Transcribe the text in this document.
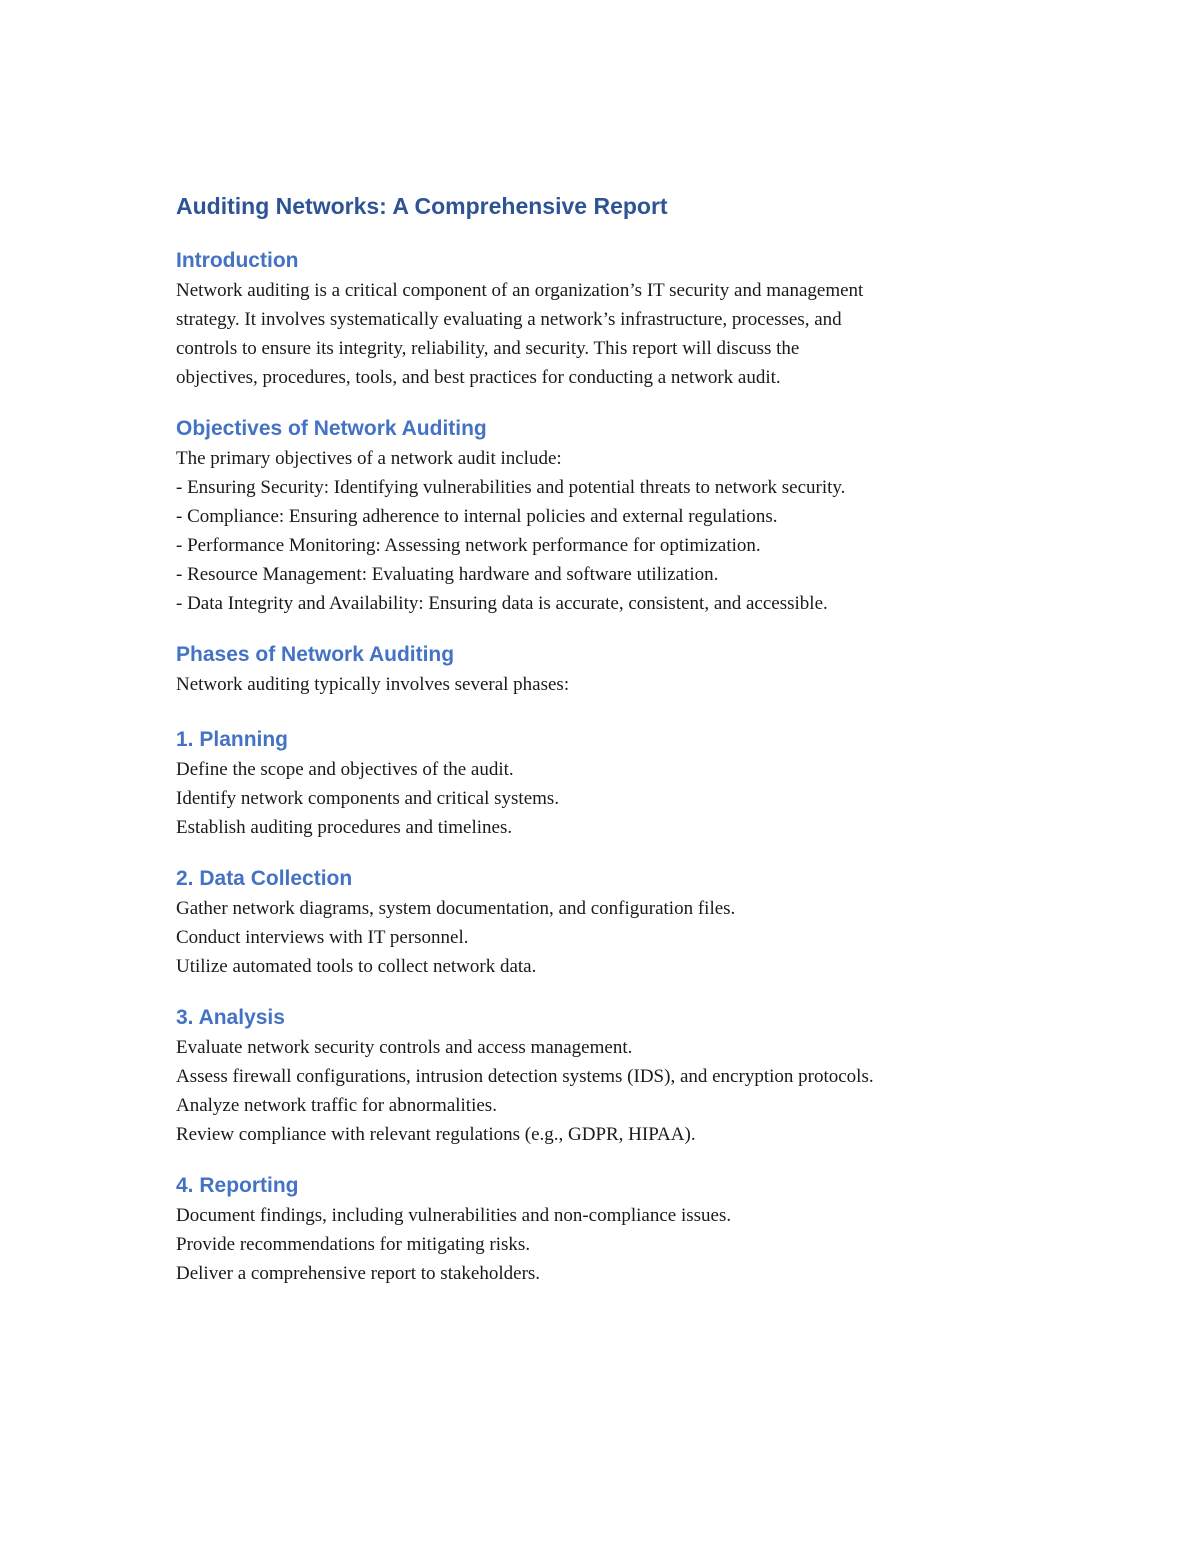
Auditing Networks: A Comprehensive Report
Introduction
Network auditing is a critical component of an organization’s IT security and management
strategy. It involves systematically evaluating a network’s infrastructure, processes, and
controls to ensure its integrity, reliability, and security. This report will discuss the
objectives, procedures, tools, and best practices for conducting a network audit.
Objectives of Network Auditing
The primary objectives of a network audit include:
- Ensuring Security: Identifying vulnerabilities and potential threats to network security.
- Compliance: Ensuring adherence to internal policies and external regulations.
- Performance Monitoring: Assessing network performance for optimization.
- Resource Management: Evaluating hardware and software utilization.
- Data Integrity and Availability: Ensuring data is accurate, consistent, and accessible.
Phases of Network Auditing
Network auditing typically involves several phases:
1. Planning
Define the scope and objectives of the audit.
Identify network components and critical systems.
Establish auditing procedures and timelines.
2. Data Collection
Gather network diagrams, system documentation, and configuration files.
Conduct interviews with IT personnel.
Utilize automated tools to collect network data.
3. Analysis
Evaluate network security controls and access management.
Assess firewall configurations, intrusion detection systems (IDS), and encryption protocols.
Analyze network traffic for abnormalities.
Review compliance with relevant regulations (e.g., GDPR, HIPAA).
4. Reporting
Document findings, including vulnerabilities and non-compliance issues.
Provide recommendations for mitigating risks.
Deliver a comprehensive report to stakeholders.
